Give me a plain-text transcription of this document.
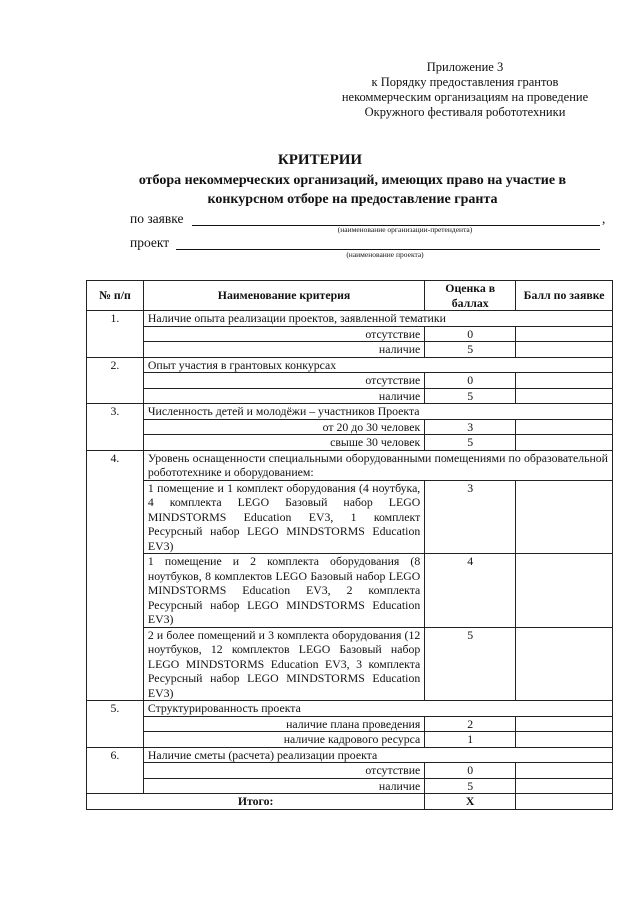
Приложение 3
к Порядку предоставления грантов
некоммерческим организациям на проведение
Окружного фестиваля робототехники
КРИТЕРИИ
отбора некоммерческих организаций, имеющих право на участие в конкурсном отборе на предоставление гранта
по заявке	,
(наименование организации-претендента)
проект
(наименование проекта)
№ п/п	Наименование критерия	Оценка в баллах	Балл по заявке
1.	Наличие опыта реализации проектов, заявленной тематики		
	отсутствие	0	
	наличие	5	
2.	Опыт участия в грантовых конкурсах		
	отсутствие	0	
	наличие	5	
3.	Численность детей и молодёжи – участников Проекта		
	от 20 до 30 человек	3	
	свыше 30 человек	5	
4.	Уровень оснащенности специальными оборудованными помещениями по образовательной робототехнике и оборудованием:		
	1 помещение и 1 комплект оборудования (4 ноутбука, 4 комплекта LEGO Базовый набор LEGO MINDSTORMS Education EV3, 1 комплект Ресурсный набор LEGO MINDSTORMS Education EV3)	3	
	1 помещение и 2 комплекта оборудования (8 ноутбуков, 8 комплектов LEGO Базовый набор LEGO MINDSTORMS Education EV3, 2 комплекта Ресурсный набор LEGO MINDSTORMS Education EV3)	4	
	2 и более помещений и 3 комплекта оборудования (12 ноутбуков, 12 комплектов LEGO Базовый набор LEGO MINDSTORMS Education EV3, 3 комплекта Ресурсный набор LEGO MINDSTORMS Education EV3)	5	
5.	Структурированность проекта		
	наличие плана проведения	2	
	наличие кадрового ресурса	1	
6.	Наличие сметы (расчета) реализации проекта		
	отсутствие	0	
	наличие	5	
Итого:		X	
